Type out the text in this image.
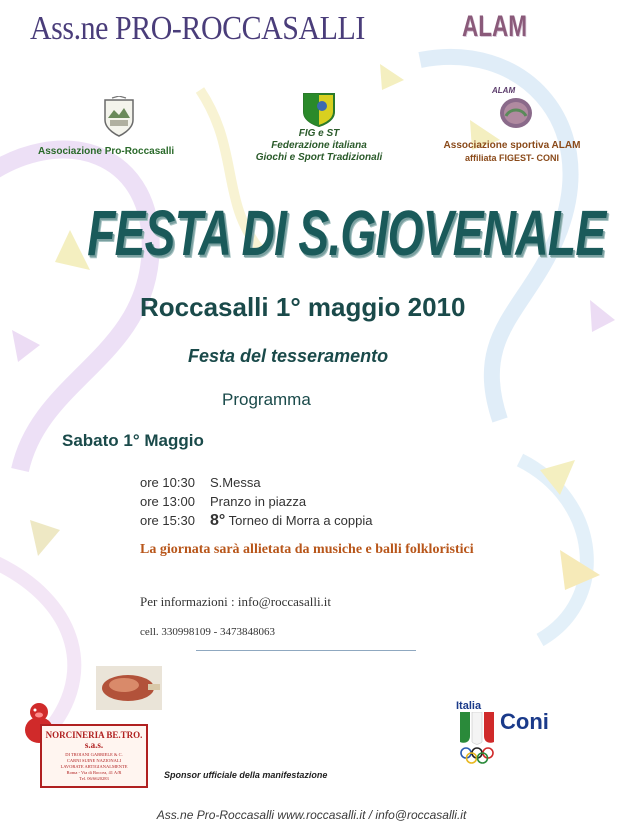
Ass.ne PRO-ROCCASALLI	ALAM
Associazione Pro-Roccasalli
FIG e ST
Federazione italiana
Giochi e Sport Tradizionali
ALAM
Associazione sportiva ALAM
affiliata FIGEST- CONI
FESTA DI S.GIOVENALE
Roccasalli 1° maggio 2010
Festa del tesseramento
Programma
Sabato 1° Maggio
ore 10:30 S.Messa
ore 13:00 Pranzo in piazza
ore 15:30 8° Torneo di Morra a coppia
La giornata sarà allietata da musiche e balli folkloristici
Per informazioni : info@roccasalli.it
cell. 330998109 - 3473848063
NORCINERIA BE.TRO. s.a.s.
DI TROIANI GABRIELE & C.
CARNI SUINE NAZIONALI
LAVORATE ARTIGIANALMENTE
Roma - Via di Boccea, 41 A/R
Tel. 06/6620283	Sponsor ufficiale della manifestazione
Italia
Coni
Ass.ne Pro-Roccasalli www.roccasalli.it / info@roccasalli.it
